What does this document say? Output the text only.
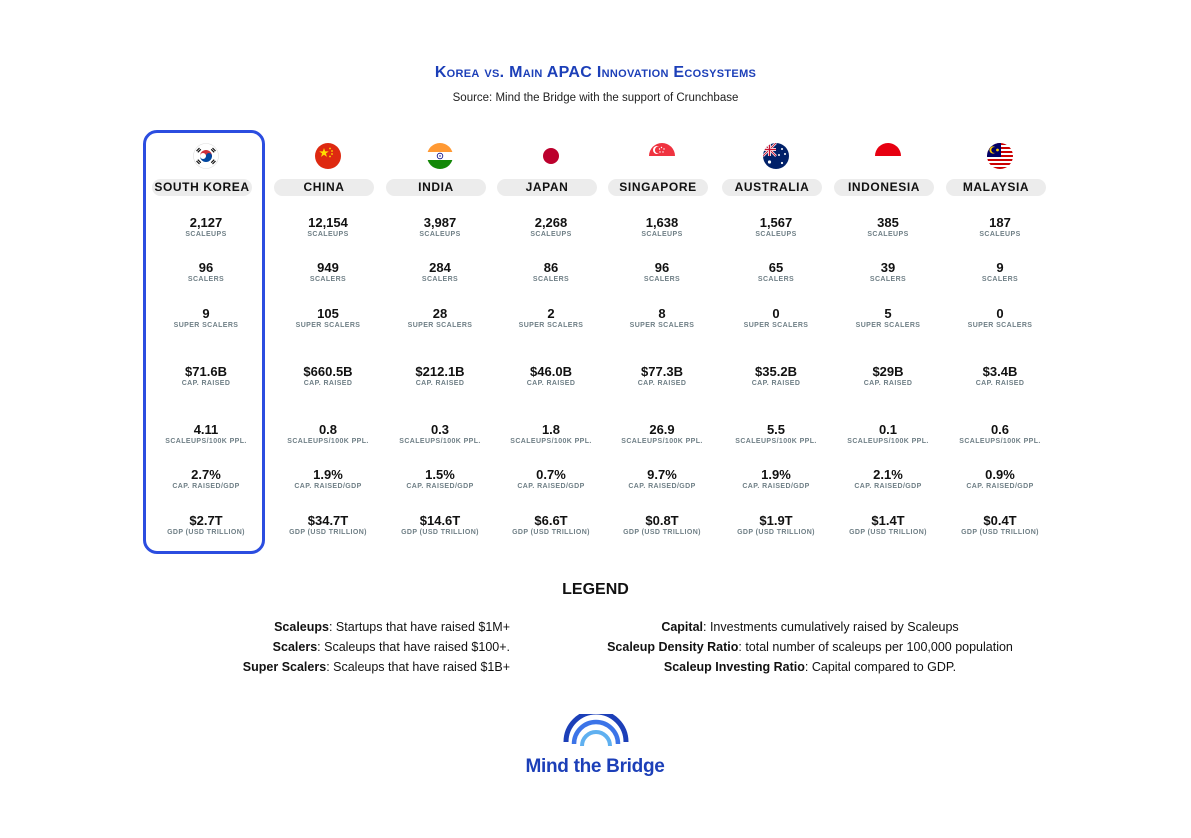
Korea vs. Main APAC Innovation Ecosystems
Source: Mind the Bridge with the support of Crunchbase
SOUTH KOREA
2,127
SCALEUPS
96
SCALERS
9
SUPER SCALERS
$71.6B
CAP. RAISED
4.11
SCALEUPS/100K PPL.
2.7%
CAP. RAISED/GDP
$2.7T
GDP (USD TRILLION)
CHINA
12,154
SCALEUPS
949
SCALERS
105
SUPER SCALERS
$660.5B
CAP. RAISED
0.8
SCALEUPS/100K PPL.
1.9%
CAP. RAISED/GDP
$34.7T
GDP (USD TRILLION)
INDIA
3,987
SCALEUPS
284
SCALERS
28
SUPER SCALERS
$212.1B
CAP. RAISED
0.3
SCALEUPS/100K PPL.
1.5%
CAP. RAISED/GDP
$14.6T
GDP (USD TRILLION)
JAPAN
2,268
SCALEUPS
86
SCALERS
2
SUPER SCALERS
$46.0B
CAP. RAISED
1.8
SCALEUPS/100K PPL.
0.7%
CAP. RAISED/GDP
$6.6T
GDP (USD TRILLION)
SINGAPORE
1,638
SCALEUPS
96
SCALERS
8
SUPER SCALERS
$77.3B
CAP. RAISED
26.9
SCALEUPS/100K PPL.
9.7%
CAP. RAISED/GDP
$0.8T
GDP (USD TRILLION)
AUSTRALIA
1,567
SCALEUPS
65
SCALERS
0
SUPER SCALERS
$35.2B
CAP. RAISED
5.5
SCALEUPS/100K PPL.
1.9%
CAP. RAISED/GDP
$1.9T
GDP (USD TRILLION)
INDONESIA
385
SCALEUPS
39
SCALERS
5
SUPER SCALERS
$29B
CAP. RAISED
0.1
SCALEUPS/100K PPL.
2.1%
CAP. RAISED/GDP
$1.4T
GDP (USD TRILLION)
MALAYSIA
187
SCALEUPS
9
SCALERS
0
SUPER SCALERS
$3.4B
CAP. RAISED
0.6
SCALEUPS/100K PPL.
0.9%
CAP. RAISED/GDP
$0.4T
GDP (USD TRILLION)
LEGEND
Scaleups: Startups that have raised $1M+
Scalers: Scaleups that have raised $100+.
Super Scalers: Scaleups that have raised $1B+
Capital: Investments cumulatively raised by Scaleups
Scaleup Density Ratio: total number of scaleups per 100,000 population
Scaleup Investing Ratio: Capital compared to GDP.
Mind the Bridge
